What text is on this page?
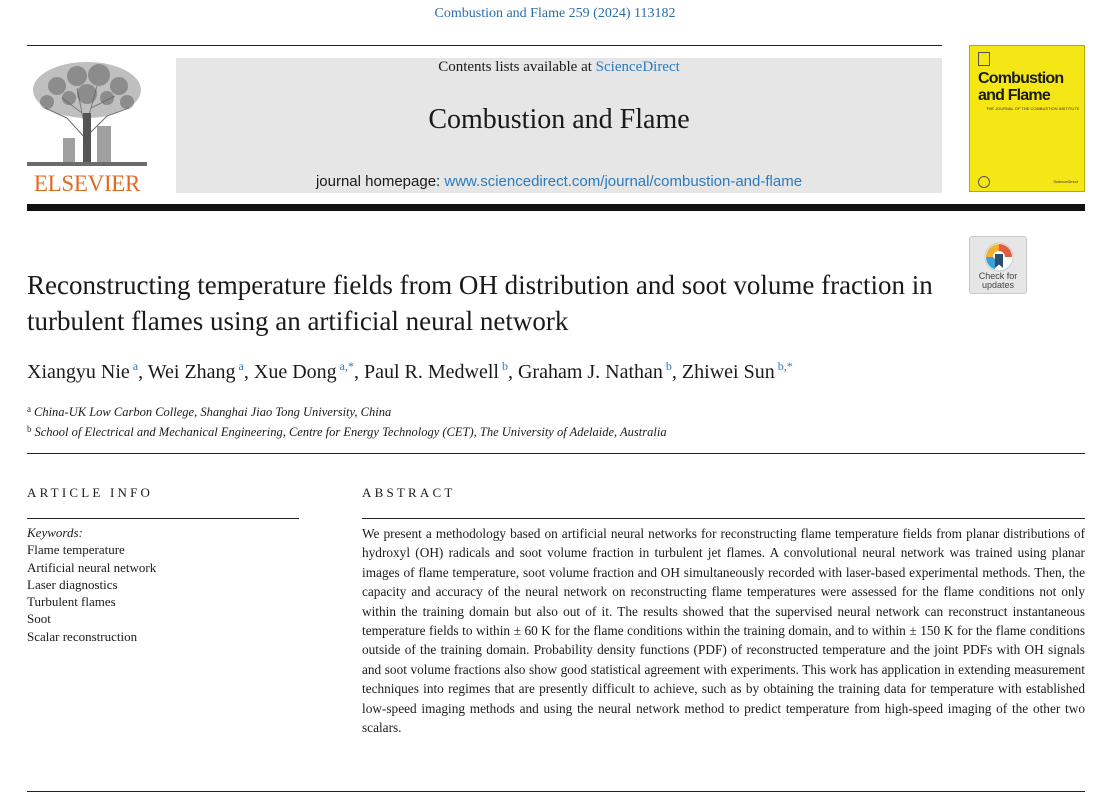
Combustion and Flame 259 (2024) 113182
ELSEVIER
Contents lists available at ScienceDirect
Combustion and Flame
journal homepage: www.sciencedirect.com/journal/combustion-and-flame
Combustion
and Flame
THE JOURNAL OF THE COMBUSTION INSTITUTE
ScienceDirect
Check for
updates
Reconstructing temperature fields from OH distribution and soot volume fraction in turbulent flames using an artificial neural network
Xiangyu Nie $^a$, Wei Zhang $^a$, Xue Dong $^{a,*}$, Paul R. Medwell $^b$, Graham J. Nathan $^b$, Zhiwei Sun $^{b,*}$
$^a$ China-UK Low Carbon College, Shanghai Jiao Tong University, China
$^b$ School of Electrical and Mechanical Engineering, Centre for Energy Technology (CET), The University of Adelaide, Australia
ARTICLE INFO	ABSTRACT
Keywords:
Flame temperature
Artificial neural network
Laser diagnostics
Turbulent flames
Soot
Scalar reconstruction

We present a methodology based on artificial neural networks for reconstructing flame temperature fields from planar distributions of hydroxyl (OH) radicals and soot volume fraction in turbulent jet flames. A convolutional neural network was trained using planar images of flame temperature, soot volume fraction and OH simultaneously recorded with laser-based experimental methods. Then, the capacity and accuracy of the neural network on reconstructing flame temperatures were assessed for the flame conditions not only within the training domain but also out of it. The results showed that the supervised neural network can reconstruct instantaneous temperature fields to within ± 60 K for the flame conditions within the training domain, and to within ± 150 K for the flame conditions outside of the training domain. Probability density functions (PDF) of reconstructed temperature and the joint PDFs with OH signals and soot volume fractions also show good statistical agreement with experiments. This work has application in extending measurement techniques into regimes that are presently difficult to achieve, such as by obtaining the training data for temperature with established low-speed imaging methods and using the neural network method to predict temperature from high-speed imaging of the other two scalars.
